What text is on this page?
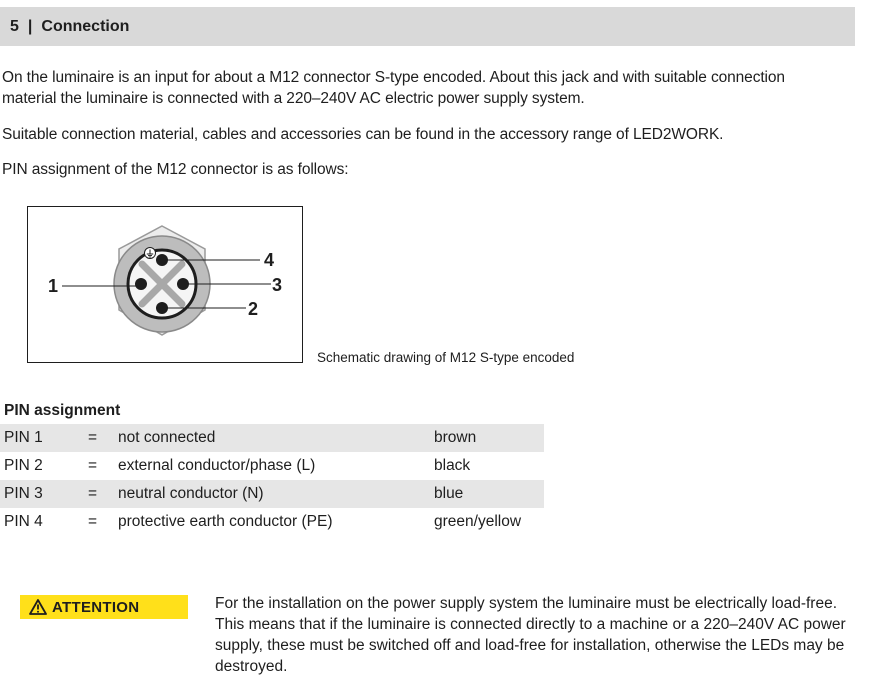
5 | Connection

On the luminaire is an input for about a M12 connector S-type encoded. About this jack and with suitable connection material the luminaire is connected with a 220–240V AC electric power supply system.

Suitable connection material, cables and accessories can be found in the accessory range of LED2WORK.

PIN assignment of the M12 connector is as follows:

1
4
3
2
Schematic drawing of M12 S-type encoded
PIN assignment
PIN 1	=	not connected	brown
PIN 2	=	external conductor/phase (L)	black
PIN 3	=	neutral conductor (N)	blue
PIN 4	=	protective earth conductor (PE)	green/yellow
ATTENTION	For the installation on the power supply system the luminaire must be electrically load-free. This means that if the luminaire is connected directly to a machine or a 220–240V AC power supply, these must be switched off and load-free for installation, otherwise the LEDs may be destroyed.
